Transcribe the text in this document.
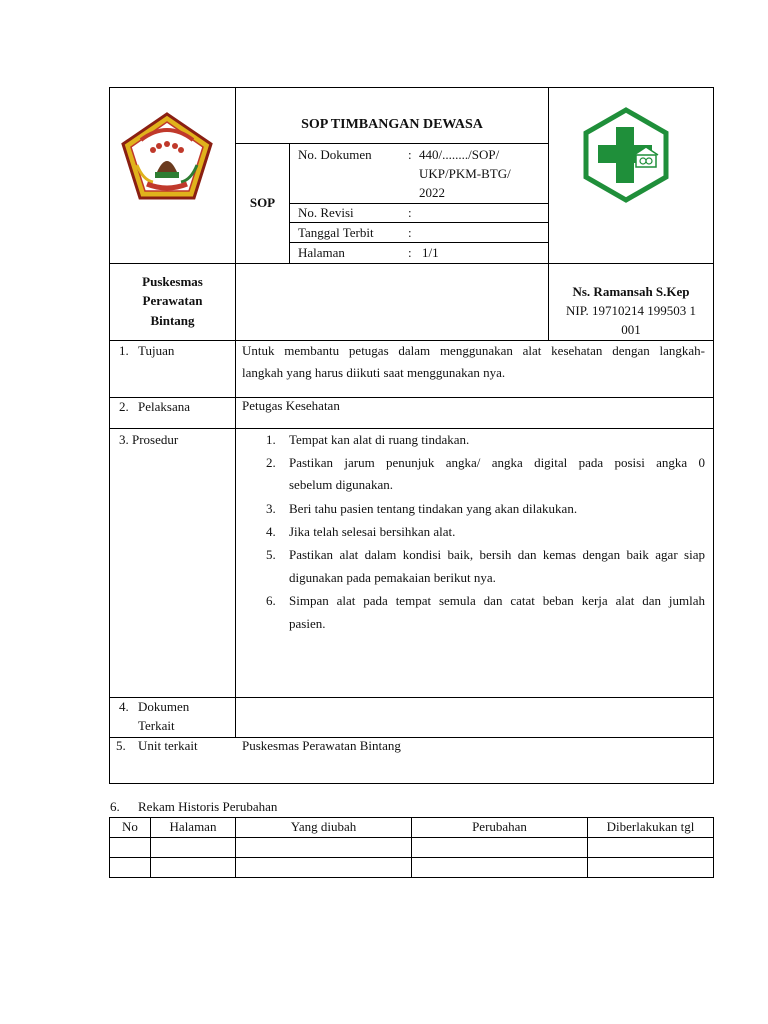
SOP TIMBANGAN DEWASA
SOP
No. Dokumen	: 440/......../SOP/
UKP/PKM-BTG/
2022
No. Revisi	:
Tanggal Terbit	:
Halaman	: 1/1
Puskesmas
Perawatan
Bintang
Ns. Ramansah S.Kep
NIP. 19710214 199503 1
001
1. Tujuan	Untuk membantu petugas dalam menggunakan alat kesehatan dengan langkah-
langkah yang harus diikuti saat menggunakan nya.
2. Pelaksana	Petugas Kesehatan
3. Prosedur	1. Tempat kan alat di ruang tindakan.
2. Pastikan jarum penunjuk angka/ angka digital pada posisi angka 0
sebelum digunakan.
3. Beri tahu pasien tentang tindakan yang akan dilakukan.
4. Jika telah selesai bersihkan alat.
5. Pastikan alat dalam kondisi baik, bersih dan kemas dengan baik agar siap
digunakan pada pemakaian berikut nya.
6. Simpan alat pada tempat semula dan catat beban kerja alat dan jumlah
pasien.
4. Dokumen
Terkait
5. Unit terkait	Puskesmas Perawatan Bintang
6. Rekam Historis Perubahan
No	Halaman	Yang diubah	Perubahan	Diberlakukan tgl
